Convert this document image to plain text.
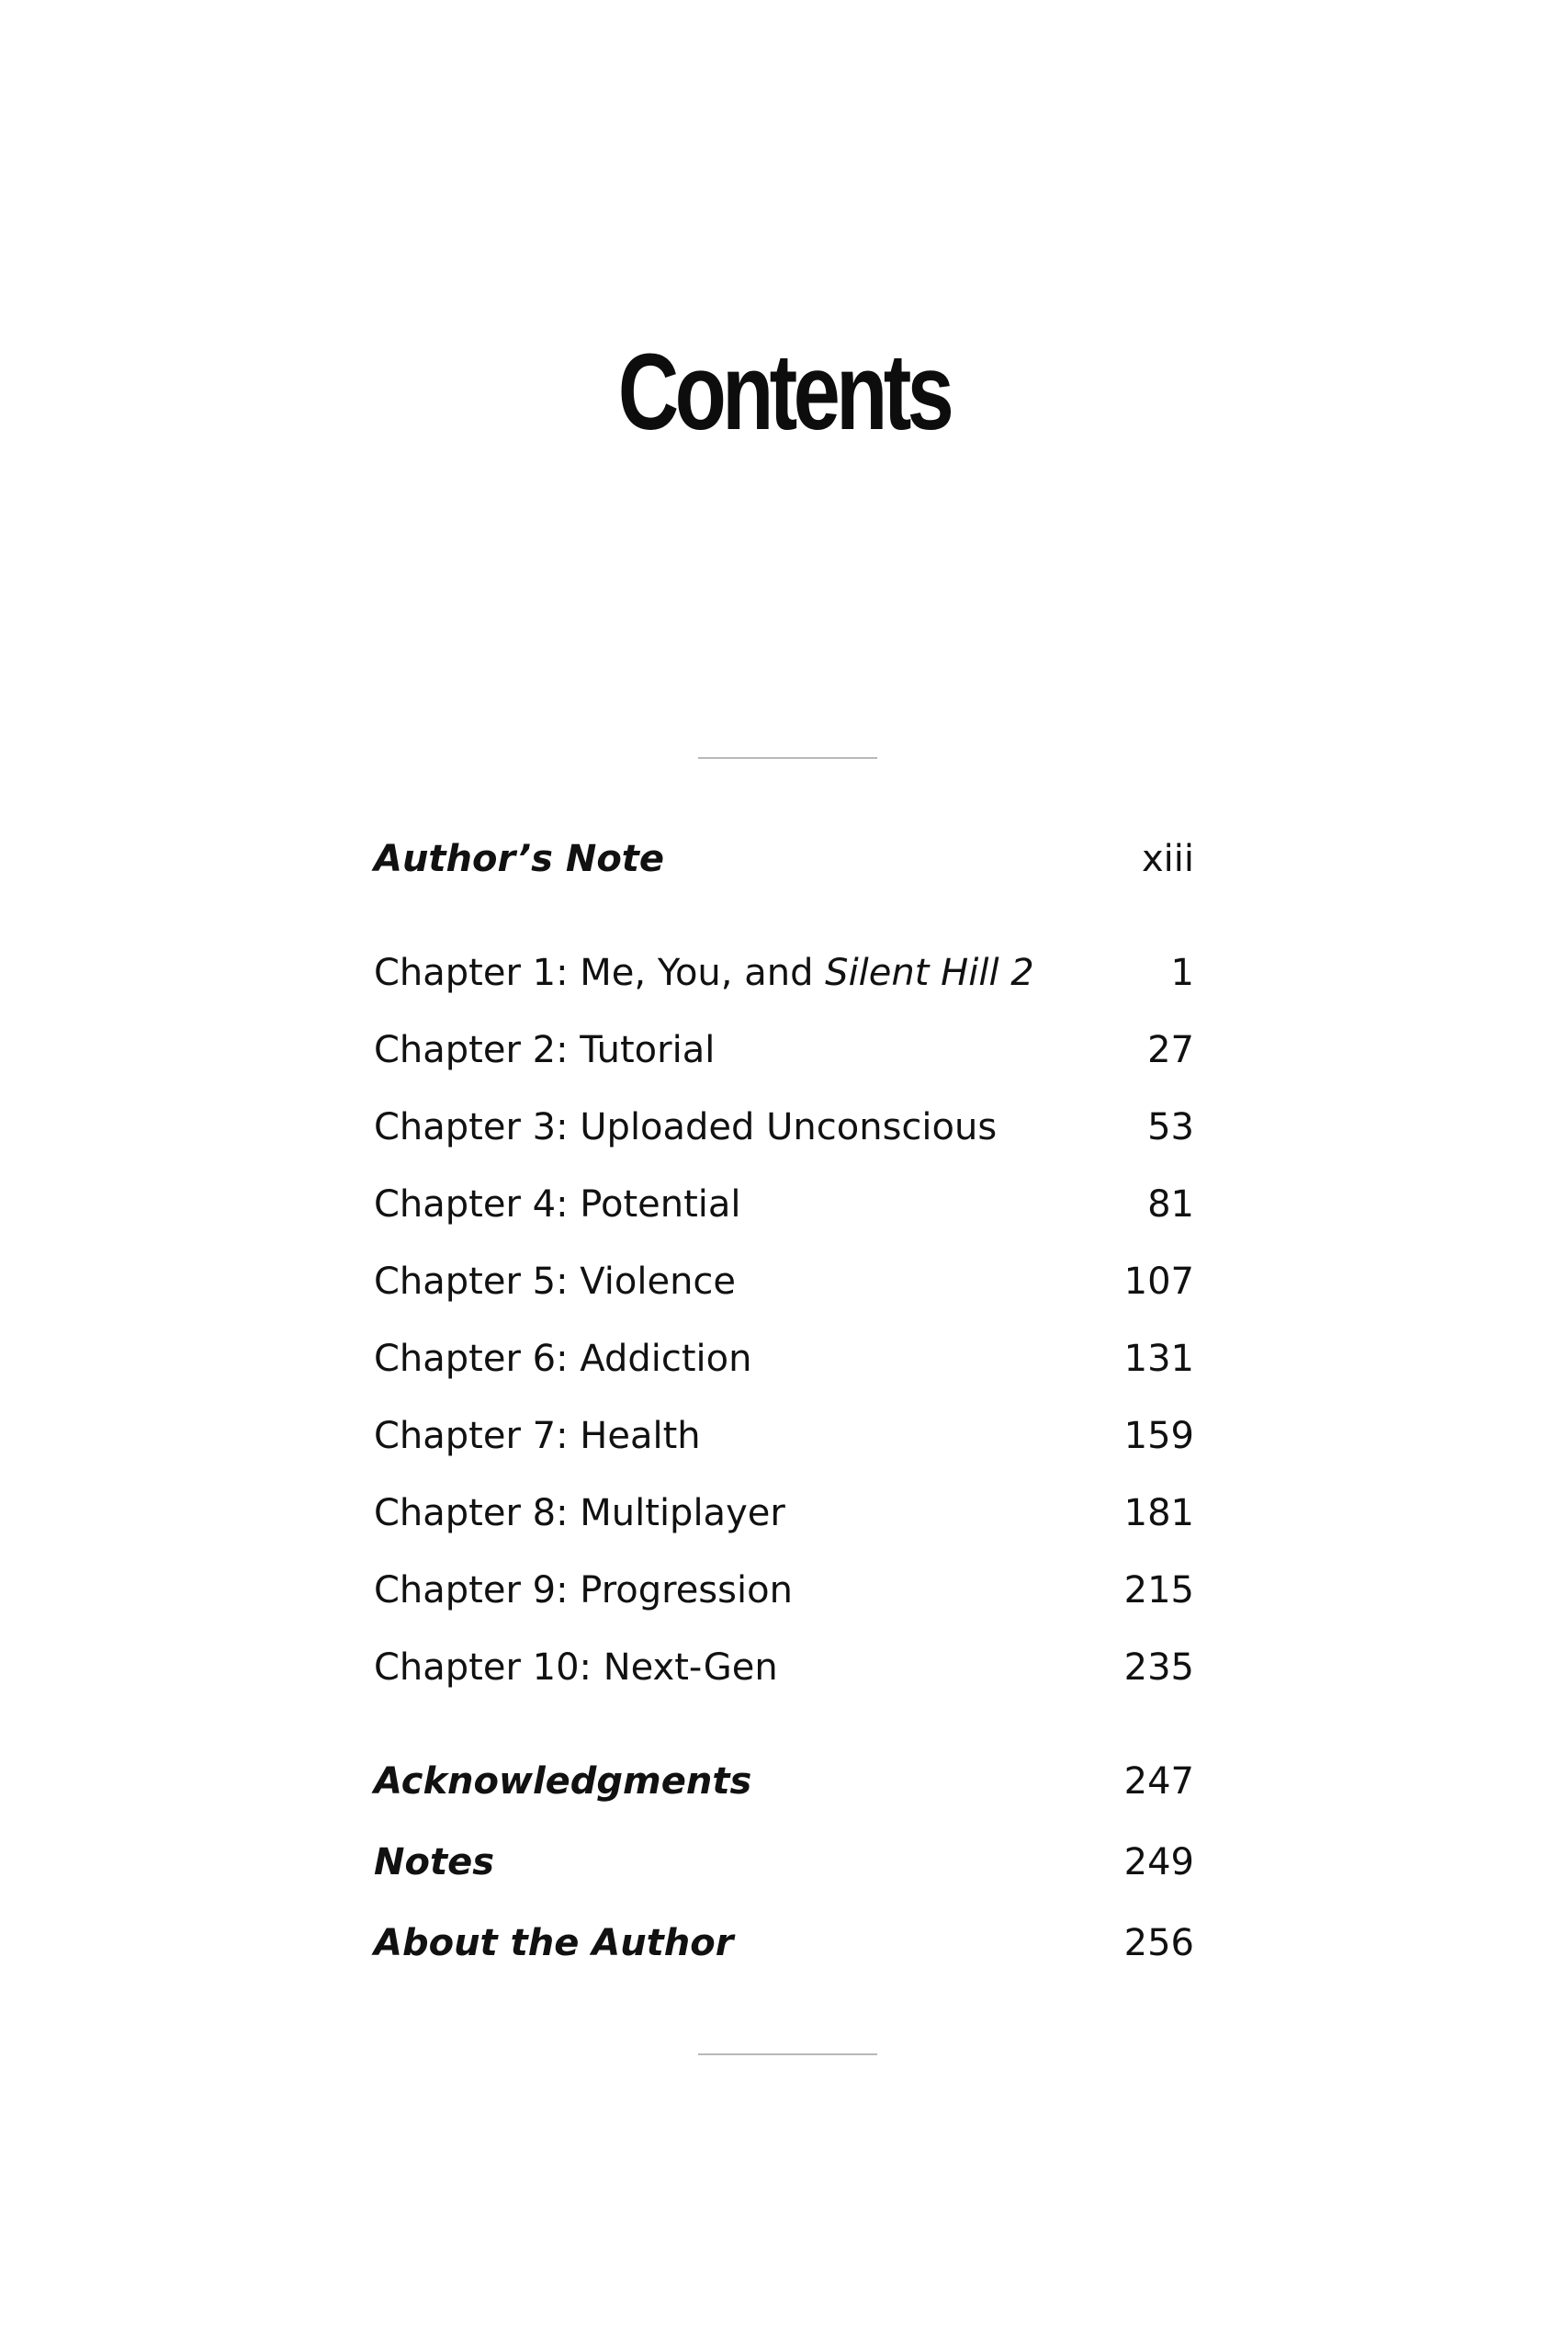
Contents
Author’s Note	xiii
Chapter 1: Me, You, and Silent Hill 2	1
Chapter 2: Tutorial	27
Chapter 3: Uploaded Unconscious	53
Chapter 4: Potential	81
Chapter 5: Violence	107
Chapter 6: Addiction	131
Chapter 7: Health	159
Chapter 8: Multiplayer	181
Chapter 9: Progression	215
Chapter 10: Next-Gen	235
Acknowledgments	247
Notes	249
About the Author	256
